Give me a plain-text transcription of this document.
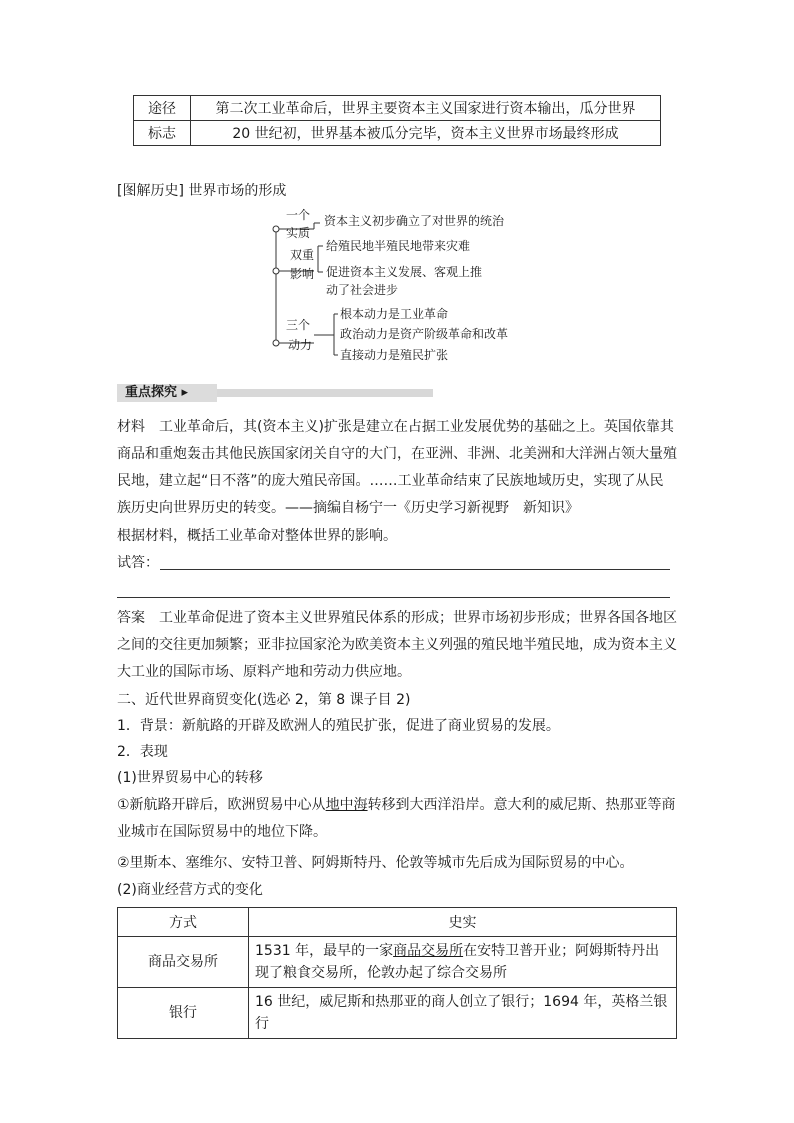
途径	第二次工业革命后，世界主要资本主义国家进行资本输出，瓜分世界
标志	20 世纪初，世界基本被瓜分完毕，资本主义世界市场最终形成
[图解历史] 世界市场的形成
一个
实质
资本主义初步确立了对世界的统治
双重
影响
给殖民地半殖民地带来灾难
促进资本主义发展、客观上推
动了社会进步
三个
动力
根本动力是工业革命
政治动力是资产阶级革命和改革
直接动力是殖民扩张
重点探究 ▸
材料　工业革命后，其(资本主义)扩张是建立在占据工业发展优势的基础之上。英国依靠其
商品和重炮轰击其他民族国家闭关自守的大门，在亚洲、非洲、北美洲和大洋洲占领大量殖
民地，建立起“日不落”的庞大殖民帝国。……工业革命结束了民族地域历史，实现了从民
族历史向世界历史的转变。——摘编自杨宁一《历史学习新视野　新知识》
根据材料，概括工业革命对整体世界的影响。
试答：
答案　工业革命促进了资本主义世界殖民体系的形成；世界市场初步形成；世界各国各地区
之间的交往更加频繁；亚非拉国家沦为欧美资本主义列强的殖民地半殖民地，成为资本主义
大工业的国际市场、原料产地和劳动力供应地。
二、近代世界商贸变化(选必 2，第 8 课子目 2)
1．背景：新航路的开辟及欧洲人的殖民扩张，促进了商业贸易的发展。
2．表现
(1)世界贸易中心的转移
①新航路开辟后，欧洲贸易中心从地中海转移到大西洋沿岸。意大利的威尼斯、热那亚等商
业城市在国际贸易中的地位下降。
②里斯本、塞维尔、安特卫普、阿姆斯特丹、伦敦等城市先后成为国际贸易的中心。
(2)商业经营方式的变化
方式	史实
商品交易所	1531 年，最早的一家商品交易所在安特卫普开业；阿姆斯特丹出现了粮食交易所，伦敦办起了综合交易所
银行	16 世纪，威尼斯和热那亚的商人创立了银行；1694 年，英格兰银行
